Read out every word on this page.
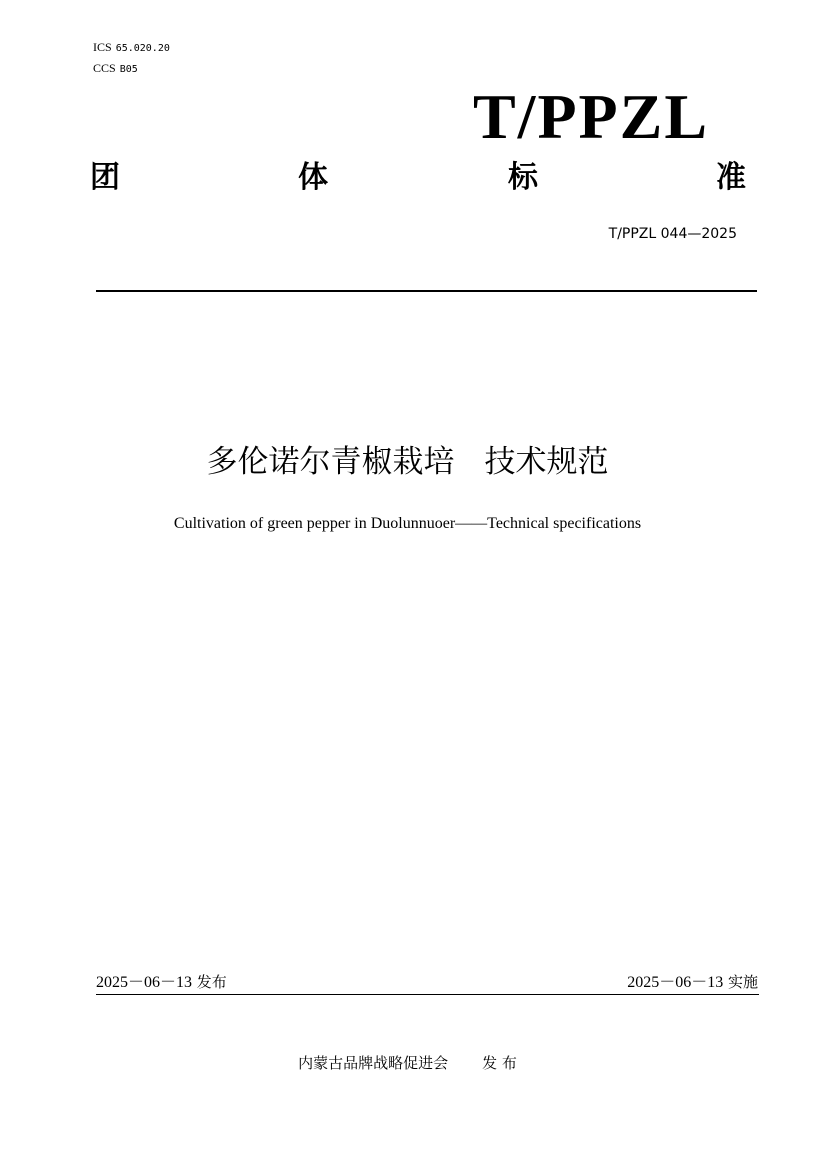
ICS 65.020.20
CCS B05
T/PPZL
团	体	标	准
T/PPZL 044—2025
多伦诺尔青椒栽培 技术规范
Cultivation of green pepper in Duolunnuoer——Technical specifications
2025－06－13 发布	2025－06－13 实施
内蒙古品牌战略促进会 发 布
